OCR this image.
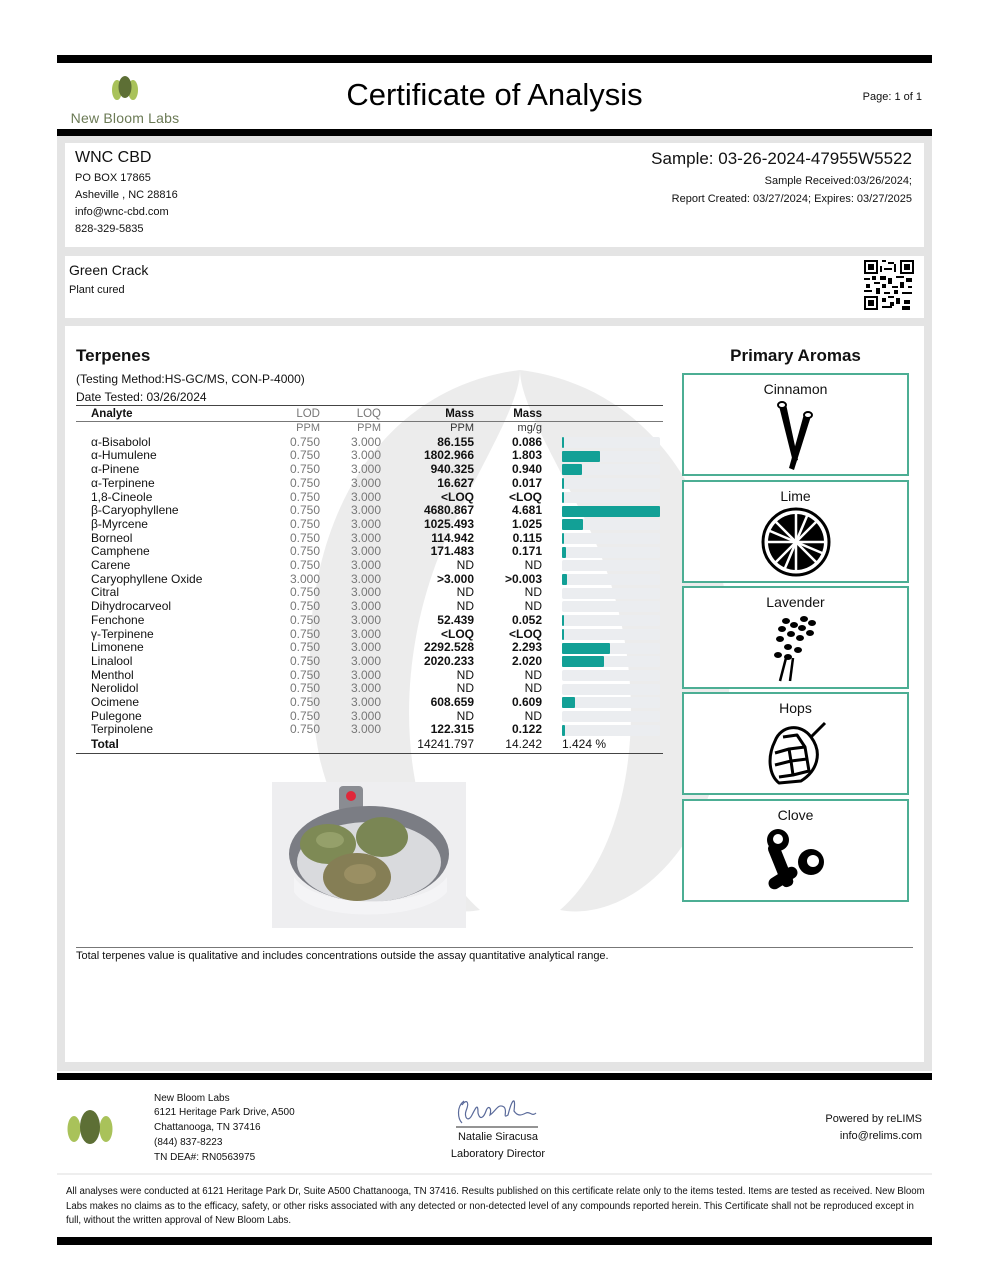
New Bloom Labs
Certificate of Analysis	Page: 1 of 1
WNC CBD
PO BOX 17865
Asheville , NC 28816
info@wnc-cbd.com
828-329-5835
Sample: 03-26-2024-47955W5522
Sample Received:03/26/2024;
Report Created: 03/27/2024; Expires: 03/27/2025
Green Crack
Plant cured
Terpenes
(Testing Method:HS-GC/MS, CON-P-4000)
Date Tested: 03/26/2024
Analyte	LOD	LOQ	Mass	Mass	
	PPM	PPM	PPM	mg/g	
α-Bisabolol	0.750	3.000	86.155	0.086	

α-Humulene	0.750	3.000	1802.966	1.803	

α-Pinene	0.750	3.000	940.325	0.940	

α-Terpinene	0.750	3.000	16.627	0.017	

1,8-Cineole	0.750	3.000	<LOQ	<LOQ	

β-Caryophyllene	0.750	3.000	4680.867	4.681	

β-Myrcene	0.750	3.000	1025.493	1.025	

Borneol	0.750	3.000	114.942	0.115	

Camphene	0.750	3.000	171.483	0.171	

Carene	0.750	3.000	ND	ND	

Caryophyllene Oxide	3.000	3.000	>3.000	>0.003	

Citral	0.750	3.000	ND	ND	

Dihydrocarveol	0.750	3.000	ND	ND	

Fenchone	0.750	3.000	52.439	0.052	

γ-Terpinene	0.750	3.000	<LOQ	<LOQ	

Limonene	0.750	3.000	2292.528	2.293	

Linalool	0.750	3.000	2020.233	2.020	

Menthol	0.750	3.000	ND	ND	

Nerolidol	0.750	3.000	ND	ND	

Ocimene	0.750	3.000	608.659	0.609	

Pulegone	0.750	3.000	ND	ND	

Terpinolene	0.750	3.000	122.315	0.122	

Total			14241.797	14.242	1.424 %
Primary Aromas
Cinnamon
Lime
Lavender
Hops
Clove
Total terpenes value is qualitative and includes concentrations outside the assay quantitative analytical range.
New Bloom Labs
6121 Heritage Park Drive, A500
Chattanooga, TN 37416
(844) 837-8223
TN DEA#: RN0563975
Natalie Siracusa
Laboratory Director
Powered by reLIMS
info@relims.com
All analyses were conducted at 6121 Heritage Park Dr, Suite A500 Chattanooga, TN 37416. Results published on this certificate relate only to the items tested. Items are tested as received. New Bloom Labs makes no claims as to the efficacy, safety, or other risks associated with any detected or non-detected level of any compounds reported herein. This Certificate shall not be reproduced except in full, without the written approval of New Bloom Labs.
